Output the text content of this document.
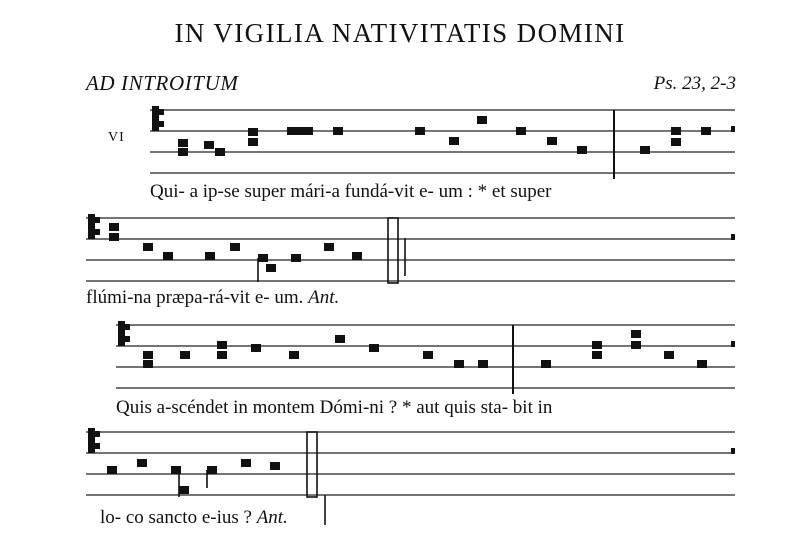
IN VIGILIA NATIVITATIS DOMINI
AD INTROITUM	Ps. 23, 2-3
VI
Qui- a ip-se super mári-a fundá-vit e- um : * et super
flúmi-na præpa-rá-vit e- um. Ant.
Quis a-scéndet in montem Dómi-ni ? * aut quis sta- bit in
lo- co sancto e-ius ? Ant.
